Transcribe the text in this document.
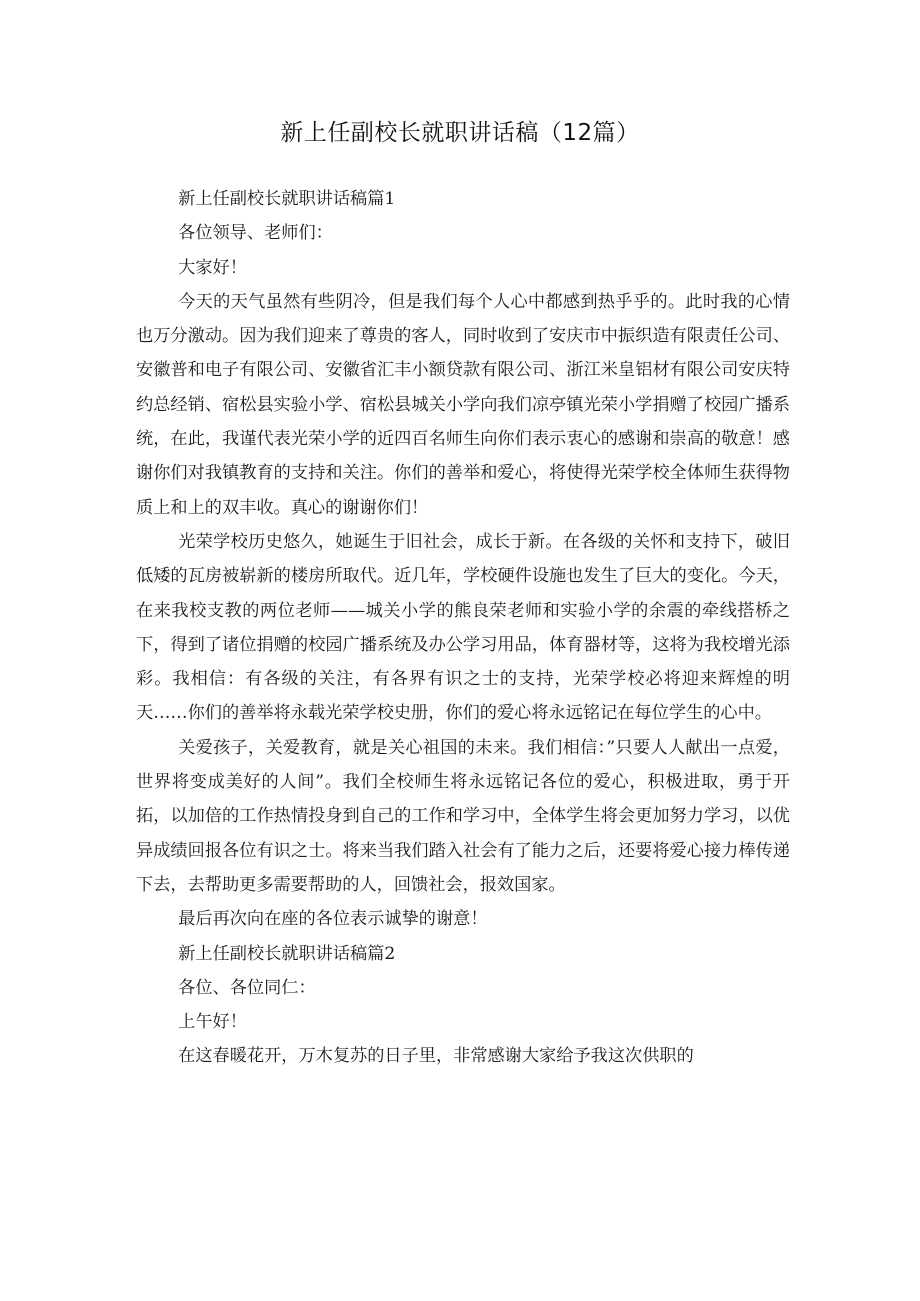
新上任副校长就职讲话稿（12篇）

新上任副校长就职讲话稿篇1

各位领导、老师们：

大家好！

今天的天气虽然有些阴冷，但是我们每个人心中都感到热乎乎的。此时我的心情也万分激动。因为我们迎来了尊贵的客人，同时收到了安庆市中振织造有限责任公司、安徽普和电子有限公司、安徽省汇丰小额贷款有限公司、浙江米皇铝材有限公司安庆特约总经销、宿松县实验小学、宿松县城关小学向我们凉亭镇光荣小学捐赠了校园广播系统，在此，我谨代表光荣小学的近四百名师生向你们表示衷心的感谢和崇高的敬意！感谢你们对我镇教育的支持和关注。你们的善举和爱心，将使得光荣学校全体师生获得物质上和上的双丰收。真心的谢谢你们！

光荣学校历史悠久，她诞生于旧社会，成长于新。在各级的关怀和支持下，破旧低矮的瓦房被崭新的楼房所取代。近几年，学校硬件设施也发生了巨大的变化。今天，在来我校支教的两位老师——城关小学的熊良荣老师和实验小学的余震的牵线搭桥之下，得到了诸位捐赠的校园广播系统及办公学习用品，体育器材等，这将为我校增光添彩。我相信：有各级的关注，有各界有识之士的支持，光荣学校必将迎来辉煌的明天……你们的善举将永载光荣学校史册，你们的爱心将永远铭记在每位学生的心中。

关爱孩子，关爱教育，就是关心祖国的未来。我们相信：”只要人人献出一点爱，世界将变成美好的人间”。我们全校师生将永远铭记各位的爱心，积极进取，勇于开拓，以加倍的工作热情投身到自己的工作和学习中，全体学生将会更加努力学习，以优异成绩回报各位有识之士。将来当我们踏入社会有了能力之后，还要将爱心接力棒传递下去，去帮助更多需要帮助的人，回馈社会，报效国家。

最后再次向在座的各位表示诚挚的谢意！

新上任副校长就职讲话稿篇2

各位、各位同仁：

上午好！

在这春暖花开，万木复苏的日子里，非常感谢大家给予我这次供职的
